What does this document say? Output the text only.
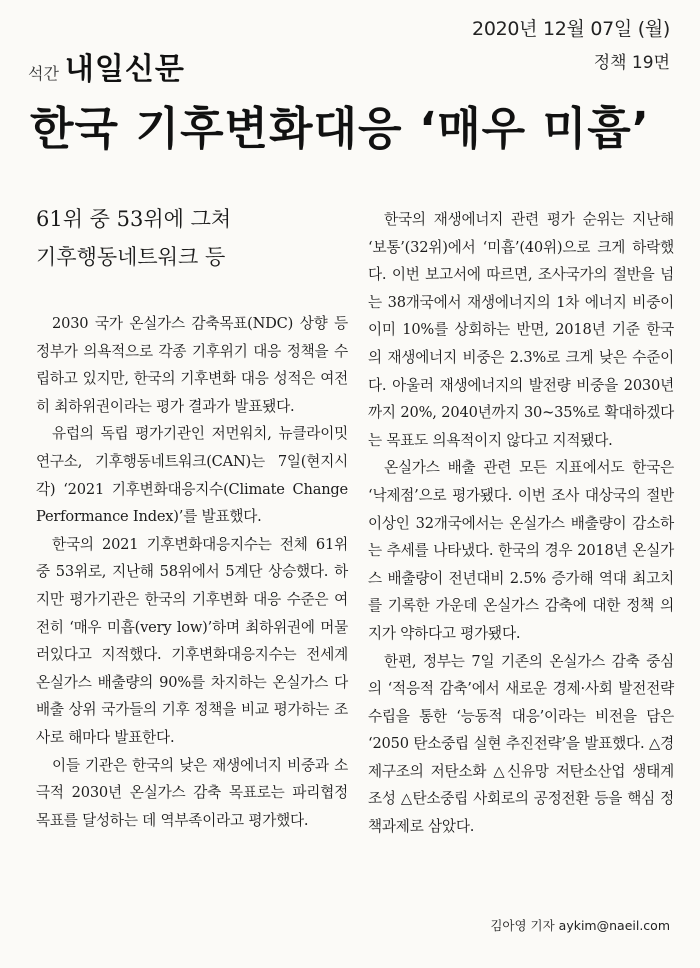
2020년 12월 07일 (월)
정책 19면
석간 내일신문
한국 기후변화대응 ‘매우 미흡’
61위 중 53위에 그쳐
기후행동네트워크 등

2030 국가 온실가스 감축목표(NDC) 상향 등 정부가 의욕적으로 각종 기후위기 대응 정책을 수립하고 있지만, 한국의 기후변화 대응 성적은 여전히 최하위권이라는 평가 결과가 발표됐다.

유럽의 독립 평가기관인 저먼워치, 뉴클라이밋연구소, 기후행동네트워크(CAN)는 7일(현지시각) ‘2021 기후변화대응지수(Climate Change Performance Index)’를 발표했다.

한국의 2021 기후변화대응지수는 전체 61위 중 53위로, 지난해 58위에서 5계단 상승했다. 하지만 평가기관은 한국의 기후변화 대응 수준은 여전히 ‘매우 미흡(very low)’하며 최하위권에 머물러있다고 지적했다. 기후변화대응지수는 전세계 온실가스 배출량의 90%를 차지하는 온실가스 다배출 상위 국가들의 기후 정책을 비교 평가하는 조사로 해마다 발표한다.

이들 기관은 한국의 낮은 재생에너지 비중과 소극적 2030년 온실가스 감축 목표로는 파리협정 목표를 달성하는 데 역부족이라고 평가했다.

한국의 재생에너지 관련 평가 순위는 지난해 ‘보통’(32위)에서 ‘미흡’(40위)으로 크게 하락했다. 이번 보고서에 따르면, 조사국가의 절반을 넘는 38개국에서 재생에너지의 1차 에너지 비중이 이미 10%를 상회하는 반면, 2018년 기준 한국의 재생에너지 비중은 2.3%로 크게 낮은 수준이다. 아울러 재생에너지의 발전량 비중을 2030년까지 20%, 2040년까지 30~35%로 확대하겠다는 목표도 의욕적이지 않다고 지적됐다.

온실가스 배출 관련 모든 지표에서도 한국은 ‘낙제점’으로 평가됐다. 이번 조사 대상국의 절반 이상인 32개국에서는 온실가스 배출량이 감소하는 추세를 나타냈다. 한국의 경우 2018년 온실가스 배출량이 전년대비 2.5% 증가해 역대 최고치를 기록한 가운데 온실가스 감축에 대한 정책 의지가 약하다고 평가됐다.

한편, 정부는 7일 기존의 온실가스 감축 중심의 ‘적응적 감축’에서 새로운 경제·사회 발전전략 수립을 통한 ‘능동적 대응’이라는 비전을 담은 ‘2050 탄소중립 실현 추진전략’을 발표했다. △경제구조의 저탄소화 △신유망 저탄소산업 생태계 조성 △탄소중립 사회로의 공정전환 등을 핵심 정책과제로 삼았다.

김아영 기자 aykim@naeil.com
